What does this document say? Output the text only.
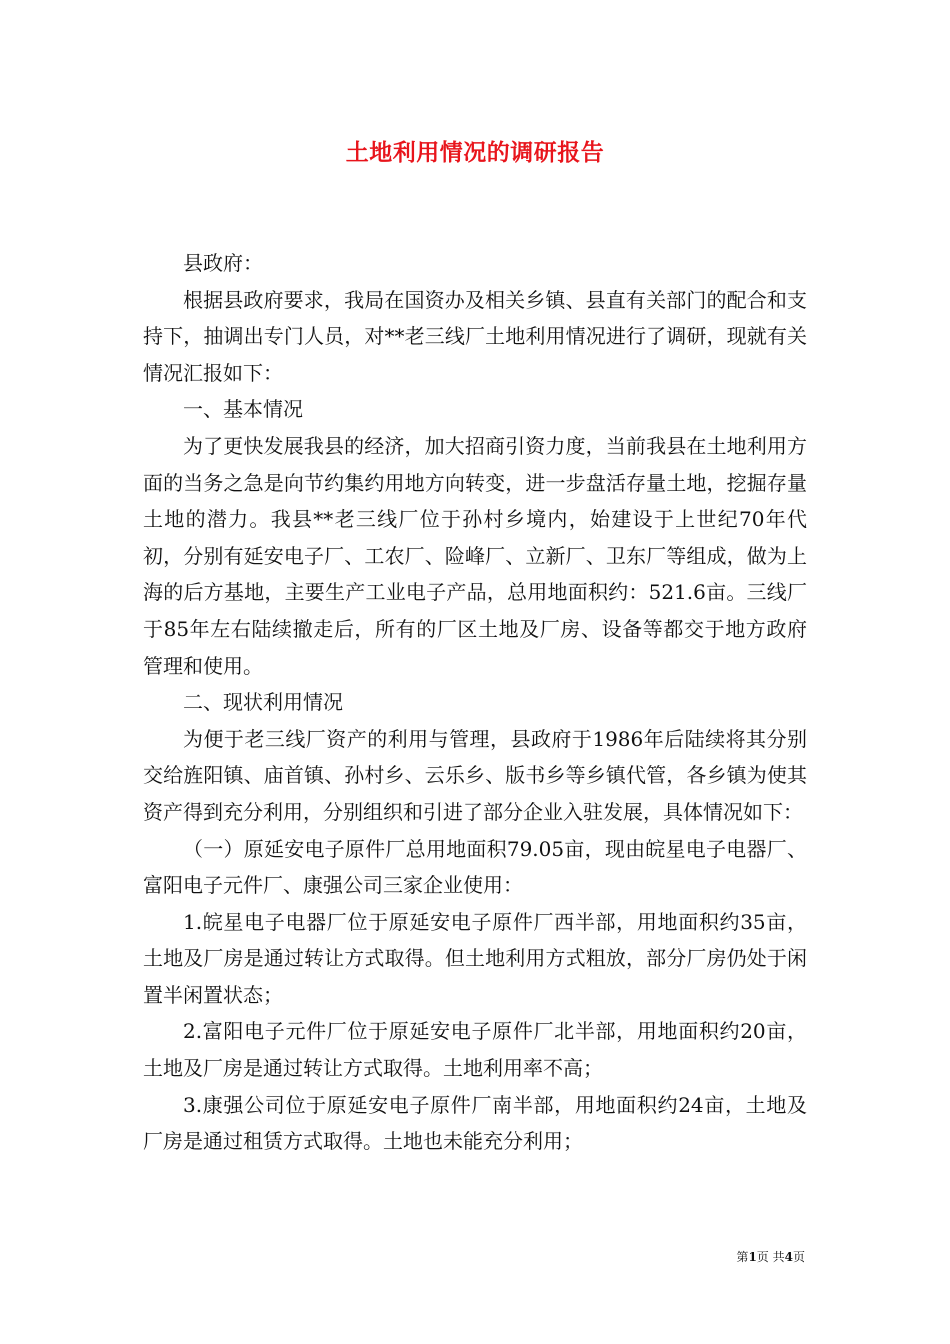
土地利用情况的调研报告

县政府：

根据县政府要求，我局在国资办及相关乡镇、县直有关部门的配合和支持下，抽调出专门人员，对**老三线厂土地利用情况进行了调研，现就有关情况汇报如下：

一、基本情况

为了更快发展我县的经济，加大招商引资力度，当前我县在土地利用方面的当务之急是向节约集约用地方向转变，进一步盘活存量土地，挖掘存量土地的潜力。我县**老三线厂位于孙村乡境内，始建设于上世纪70年代初，分别有延安电子厂、工农厂、险峰厂、立新厂、卫东厂等组成，做为上海的后方基地，主要生产工业电子产品，总用地面积约：521.6亩。三线厂于85年左右陆续撤走后，所有的厂区土地及厂房、设备等都交于地方政府管理和使用。

二、现状利用情况

为便于老三线厂资产的利用与管理，县政府于1986年后陆续将其分别交给旌阳镇、庙首镇、孙村乡、云乐乡、版书乡等乡镇代管，各乡镇为使其资产得到充分利用，分别组织和引进了部分企业入驻发展，具体情况如下：

（一）原延安电子原件厂总用地面积79.05亩，现由皖星电子电器厂、富阳电子元件厂、康强公司三家企业使用：

1.皖星电子电器厂位于原延安电子原件厂西半部，用地面积约35亩，土地及厂房是通过转让方式取得。但土地利用方式粗放，部分厂房仍处于闲置半闲置状态；

2.富阳电子元件厂位于原延安电子原件厂北半部，用地面积约20亩，土地及厂房是通过转让方式取得。土地利用率不高；

3.康强公司位于原延安电子原件厂南半部，用地面积约24亩，土地及厂房是通过租赁方式取得。土地也未能充分利用；

第1页 共4页
